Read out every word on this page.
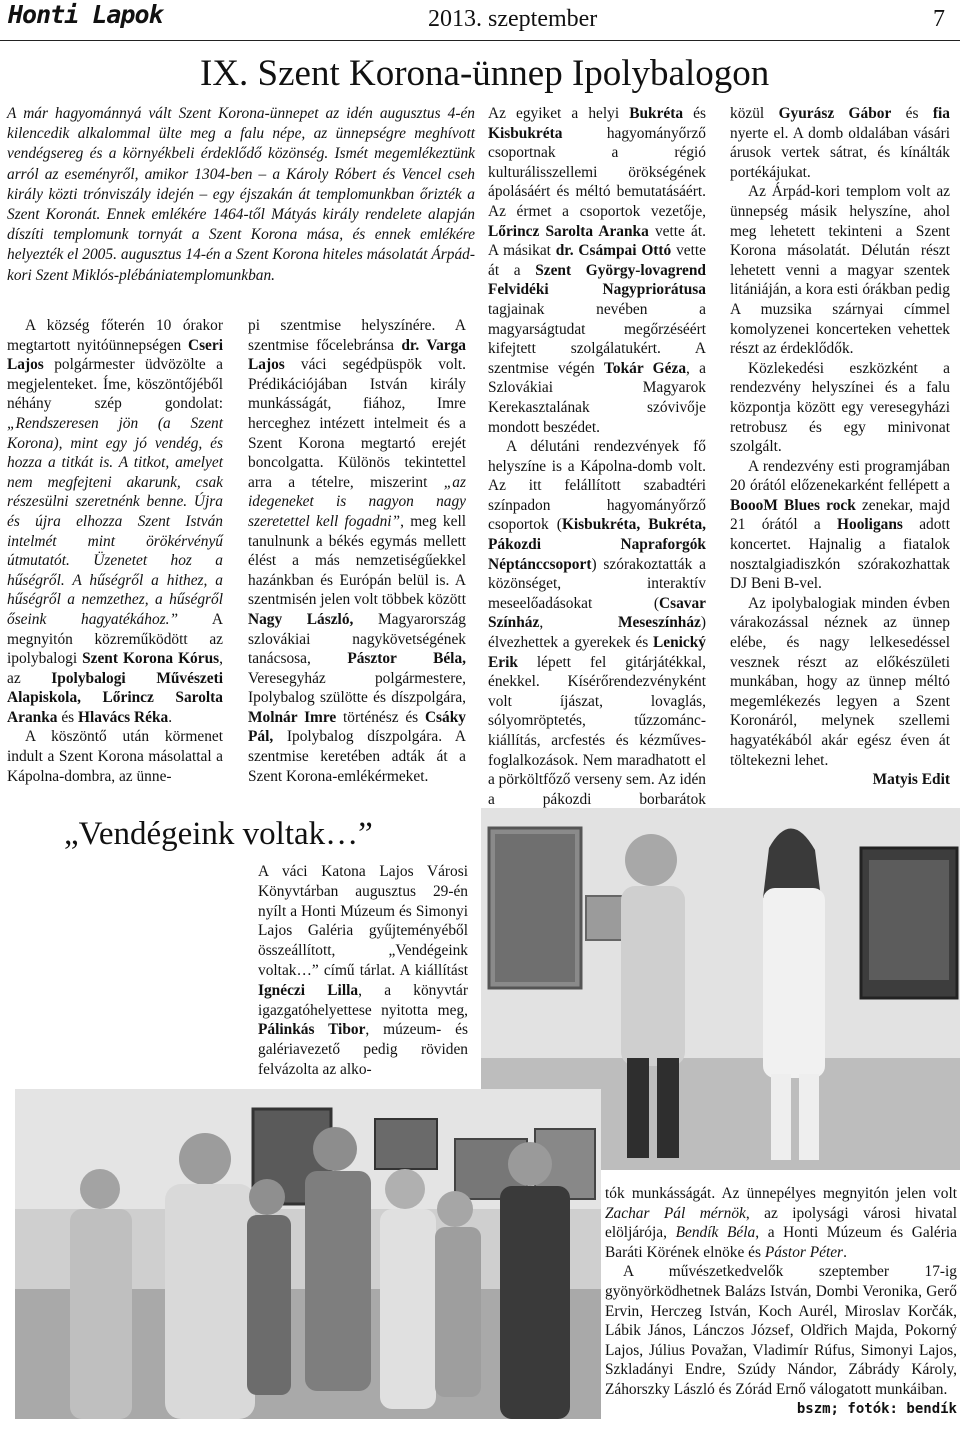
Honti Lapok	2013. szeptember	7
IX. Szent Korona-ünnep Ipolybalogon
A már hagyománnyá vált Szent Korona-ünnepet az idén augusztus 4-én kilencedik alkalommal ülte meg a falu népe, az ünnepségre meghívott vendégsereg és a környékbeli érdeklődő közönség. Ismét megemlékeztünk arról az eseményről, amikor 1304-ben – a Károly Róbert és Vencel cseh király közti trónviszály idején – egy éjszakán át templomunkban őrizték a Szent Koronát. Ennek emlékére 1464-től Mátyás király rendelete alapján díszíti templomunk tornyát a Szent Korona mása, és ennek emlékére helyezték el 2005. augusztus 14-én a Szent Korona hiteles másolatát Árpád-kori Szent Miklós-plébániatemplomunkban.

A község főterén 10 órakor megtartott nyitóünnepségen Cseri Lajos polgármester üdvözölte a megjelenteket. Íme, köszöntőjéből néhány szép gondolat: „Rendszeresen jön (a Szent Korona), mint egy jó vendég, és hozza a titkát is. A titkot, amelyet nem megfejteni akarunk, csak részesülni szeretnénk benne. Újra és újra elhozza Szent István intelmét mint örökérvényű útmutatót. Üzenetet hoz a hűségről. A hűségről a hithez, a hűségről a nemzethez, a hűségről őseink hagyatékához.” A megnyitón közreműködött az ipolybalogi Szent Korona Kórus, az Ipolybalogi Művészeti Alapiskola, Lőrincz Sarolta Aranka és Hlavács Réka.

A köszöntő után körmenet indult a Szent Korona másolattal a Kápolna-dombra, az ünne-

pi szentmise helyszínére. A szentmise főcelebránsa dr. Varga Lajos váci segédpüspök volt. Prédikációjában István király munkásságát, fiához, Imre herceghez intézett intelmeit és a Szent Korona megtartó erejét boncolgatta. Különös tekintettel arra a tételre, miszerint „az idegeneket is nagyon nagy szeretettel kell fogadni”, meg kell tanulnunk a békés egymás mellett élést a más nemzetiségűekkel hazánkban és Európán belül is. A szentmisén jelen volt többek között Nagy László, Magyarország szlovákiai nagykövetségének tanácsosa, Pásztor Béla, Veresegyház polgármestere, Ipolybalog szülötte és díszpolgára, Molnár Imre történész és Csáky Pál, Ipolybalog díszpolgára. A szentmise keretében adták át a Szent Korona-emlékérmeket.

Az egyiket a helyi Bukréta és Kisbukréta hagyományőrző csoportnak a régió kulturálisszellemi örökségének ápolásáért és méltó bemutatásáért. Az érmet a csoportok vezetője, Lőrincz Sarolta Aranka vette át. A másikat dr. Csámpai Ottó vette át a Szent György-lovagrend Felvidéki Nagypriorátusa tagjainak nevében a magyarságtudat megőrzéséért kifejtett szolgálatukért. A szentmise végén Tokár Géza, a Szlovákiai Magyarok Kerekasztalának szóvivője mondott beszédet.

A délutáni rendezvények fő helyszíne is a Kápolna-domb volt. Az itt felállított szabadtéri színpadon hagyományőrző csoportok (Kisbukréta, Bukréta, Pákozdi Napraforgók Néptánccsoport) szórakoztatták a közönséget, interaktív meseelőadásokat (Csavar Színház, Meseszínház) élvezhettek a gyerekek és Lenický Erik lépett fel gitárjátékkal, énekkel. Kísérőrendezvényként volt íjászat, lovaglás, sólyomröptetés, tűzzománc-kiállítás, arcfestés és kézműves-foglalkozások. Nem maradhatott el a pörköltfőző verseny sem. Az idén a pákozdi borbarátok

közül Gyurász Gábor és fia nyerte el. A domb oldalában vásári árusok vertek sátrat, és kínálták portékájukat.

Az Árpád-kori templom volt az ünnepség másik helyszíne, ahol meg lehetett tekinteni a Szent Korona másolatát. Délután részt lehetett venni a magyar szentek litániáján, a kora esti órákban pedig A muzsika szárnyai címmel komolyzenei koncerteken vehettek részt az érdeklődők.

Közlekedési eszközként a rendezvény helyszínei és a falu központja között egy veresegyházi retrobusz és egy minivonat szolgált.

A rendezvény esti programjában 20 órától előzenekarként fellépett a BoooM Blues rock zenekar, majd 21 órától a Hooligans adott koncertet. Hajnalig a fiatalok nosztalgiadiszkón szórakozhattak DJ Beni B-vel.

Az ipolybalogiak minden évben várakozással néznek az ünnep elébe, és nagy lelkesedéssel vesznek részt az előkészületi munkában, hogy az ünnep méltó megemlékezés legyen a Szent Koronáról, melynek szellemi hagyatékából akár egész éven át töltekezni lehet.

Matyis Edit

„Vendégeink voltak…”

A váci Katona Lajos Városi Könyvtárban augusztus 29-én nyílt a Honti Múzeum és Simonyi Lajos Galéria gyűjteményéből összeállított, „Vendégeink voltak…” című tárlat. A kiállítást Ignéczi Lilla, a könyvtár igazgatóhelyettese nyitotta meg, Pálinkás Tibor, múzeum- és galériavezető pedig röviden felvázolta az alko-

tók munkásságát. Az ünnepélyes megnyitón jelen volt Zachar Pál mérnök, az ipolysági városi hivatal elöljárója, Bendík Béla, a Honti Múzeum és Galéria Baráti Körének elnöke és Pástor Péter.

A művészetkedvelők szeptember 17-ig gyönyörködhetnek Balázs István, Dombi Veronika, Gerő Ervin, Herczeg István, Koch Aurél, Miroslav Korčák, Lábik János, Lánczos József, Oldřich Majda, Pokorný Lajos, Július Považan, Vladimír Rúfus, Simonyi Lajos, Szkladányi Endre, Szúdy Nándor, Zábrády Károly, Záhorszky László és Zórád Ernő válogatott munkáiban.

bszm; fotók: bendík
